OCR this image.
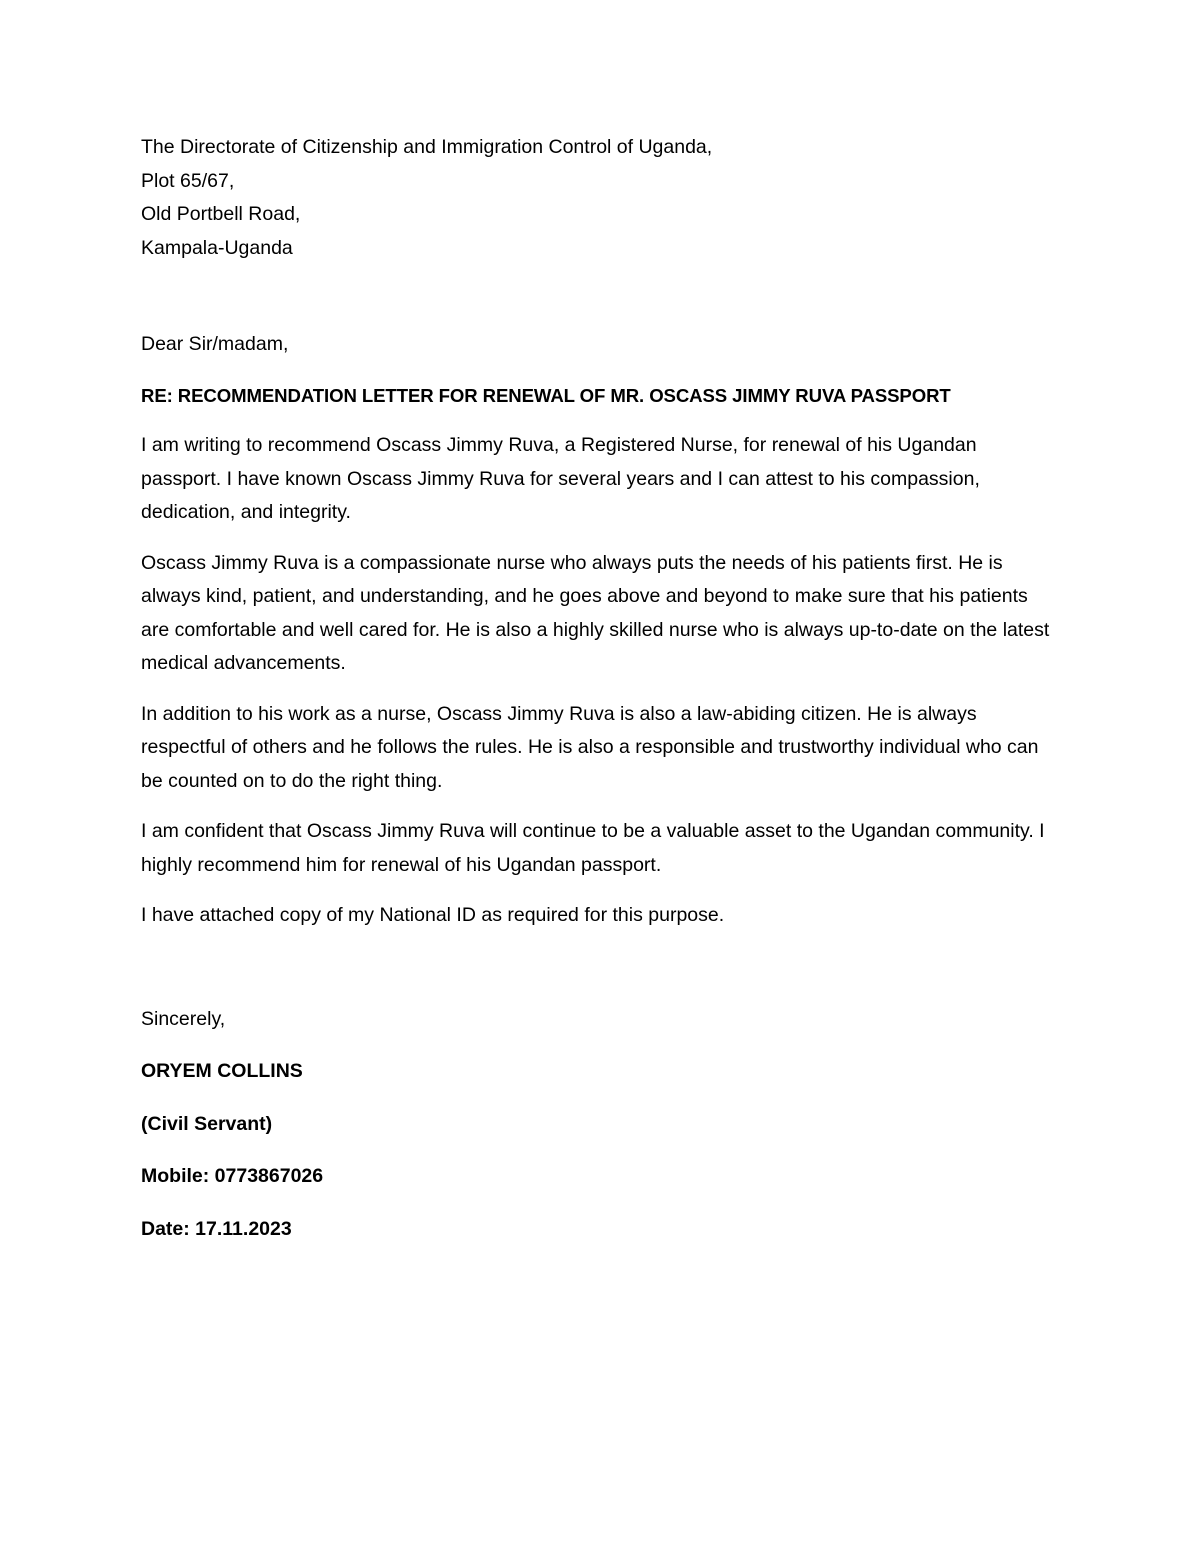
The Directorate of Citizenship and Immigration Control of Uganda,
Plot 65/67,
Old Portbell Road,
Kampala-Uganda
Dear Sir/madam,
RE: RECOMMENDATION LETTER FOR RENEWAL OF MR. OSCASS JIMMY RUVA PASSPORT

I am writing to recommend Oscass Jimmy Ruva, a Registered Nurse, for renewal of his Ugandan passport. I have known Oscass Jimmy Ruva for several years and I can attest to his compassion, dedication, and integrity.

Oscass Jimmy Ruva is a compassionate nurse who always puts the needs of his patients first. He is always kind, patient, and understanding, and he goes above and beyond to make sure that his patients are comfortable and well cared for. He is also a highly skilled nurse who is always up-to-date on the latest medical advancements.

In addition to his work as a nurse, Oscass Jimmy Ruva is also a law-abiding citizen. He is always respectful of others and he follows the rules. He is also a responsible and trustworthy individual who can be counted on to do the right thing.

I am confident that Oscass Jimmy Ruva will continue to be a valuable asset to the Ugandan community. I highly recommend him for renewal of his Ugandan passport.

I have attached copy of my National ID as required for this purpose.

Sincerely,
ORYEM COLLINS
(Civil Servant)
Mobile: 0773867026
Date: 17.11.2023
